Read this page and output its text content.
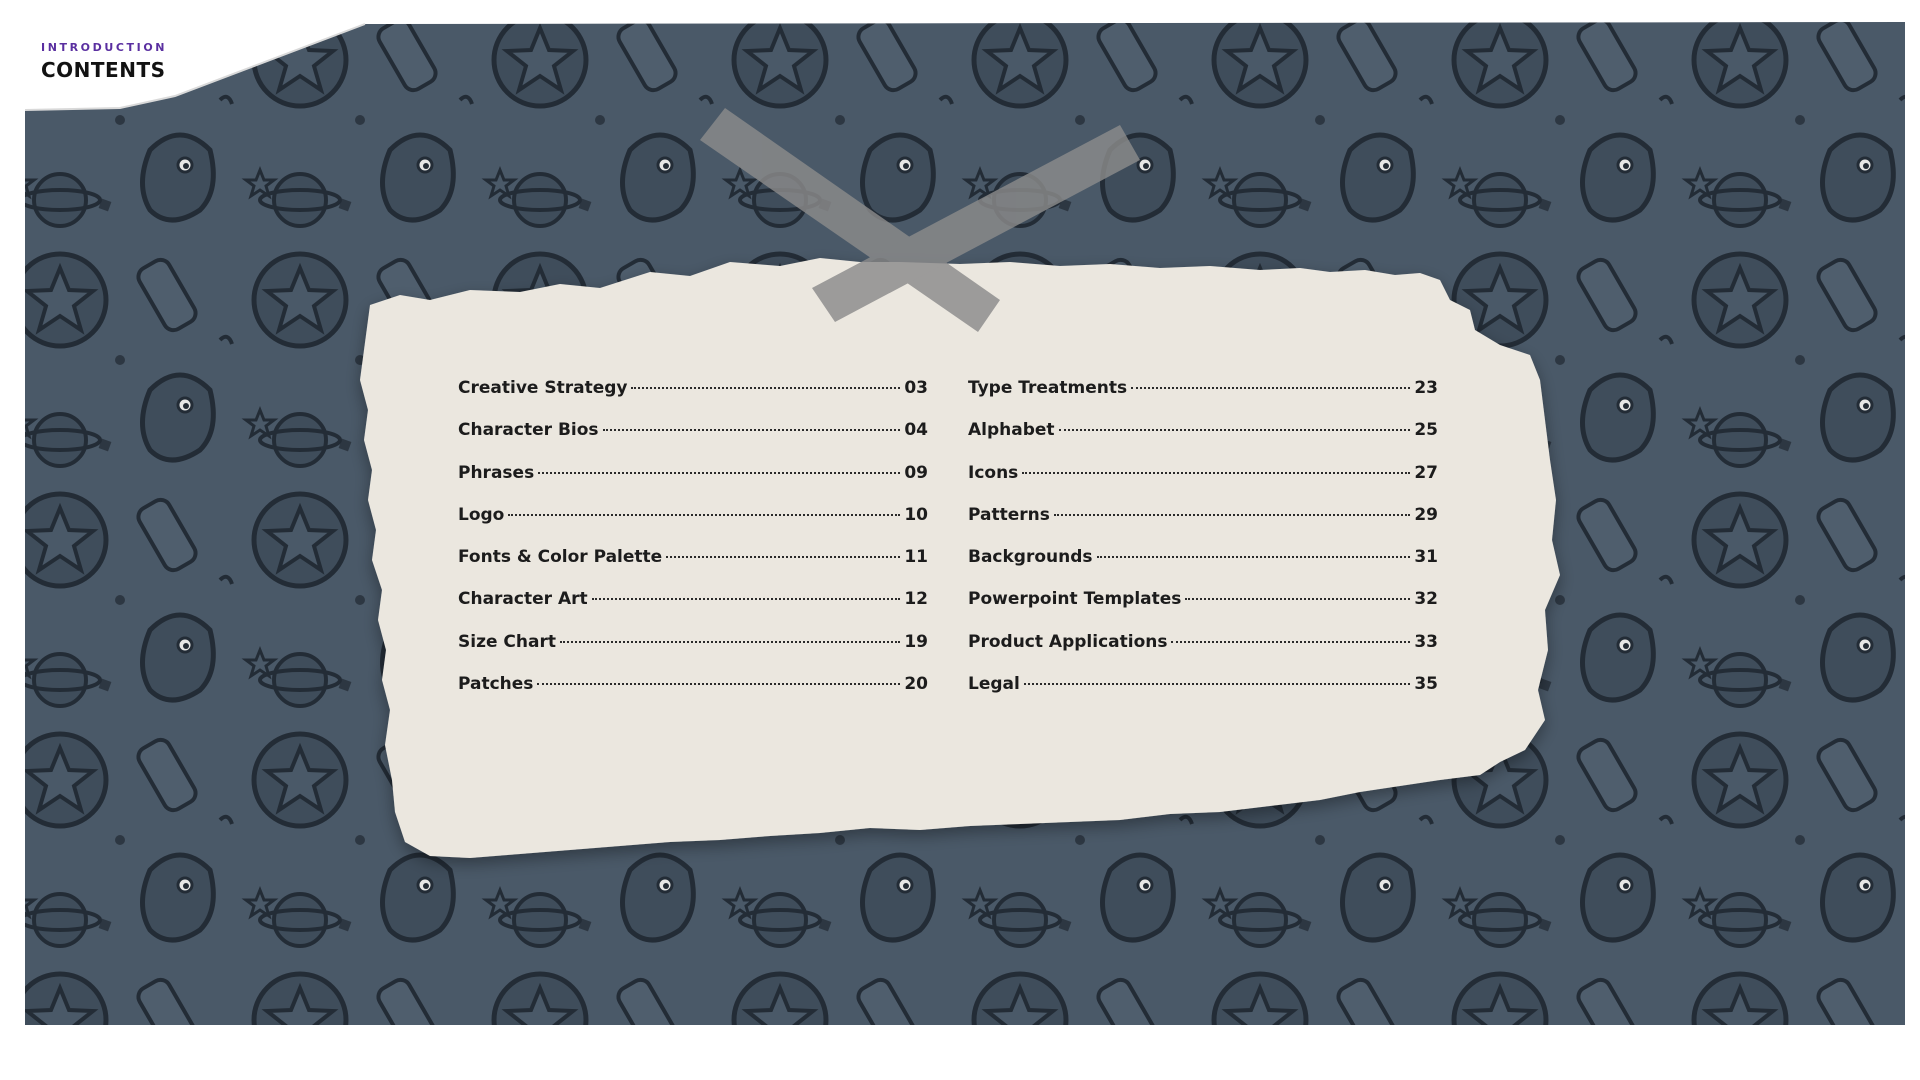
INTRODUCTION
CONTENTS
Creative Strategy	03
Character Bios	04
Phrases	09
Logo	10
Fonts & Color Palette	11
Character Art	12
Size Chart	19
Patches	20
Type Treatments	23
Alphabet	25
Icons	27
Patterns	29
Backgrounds	31
Powerpoint Templates	32
Product Applications	33
Legal	35
